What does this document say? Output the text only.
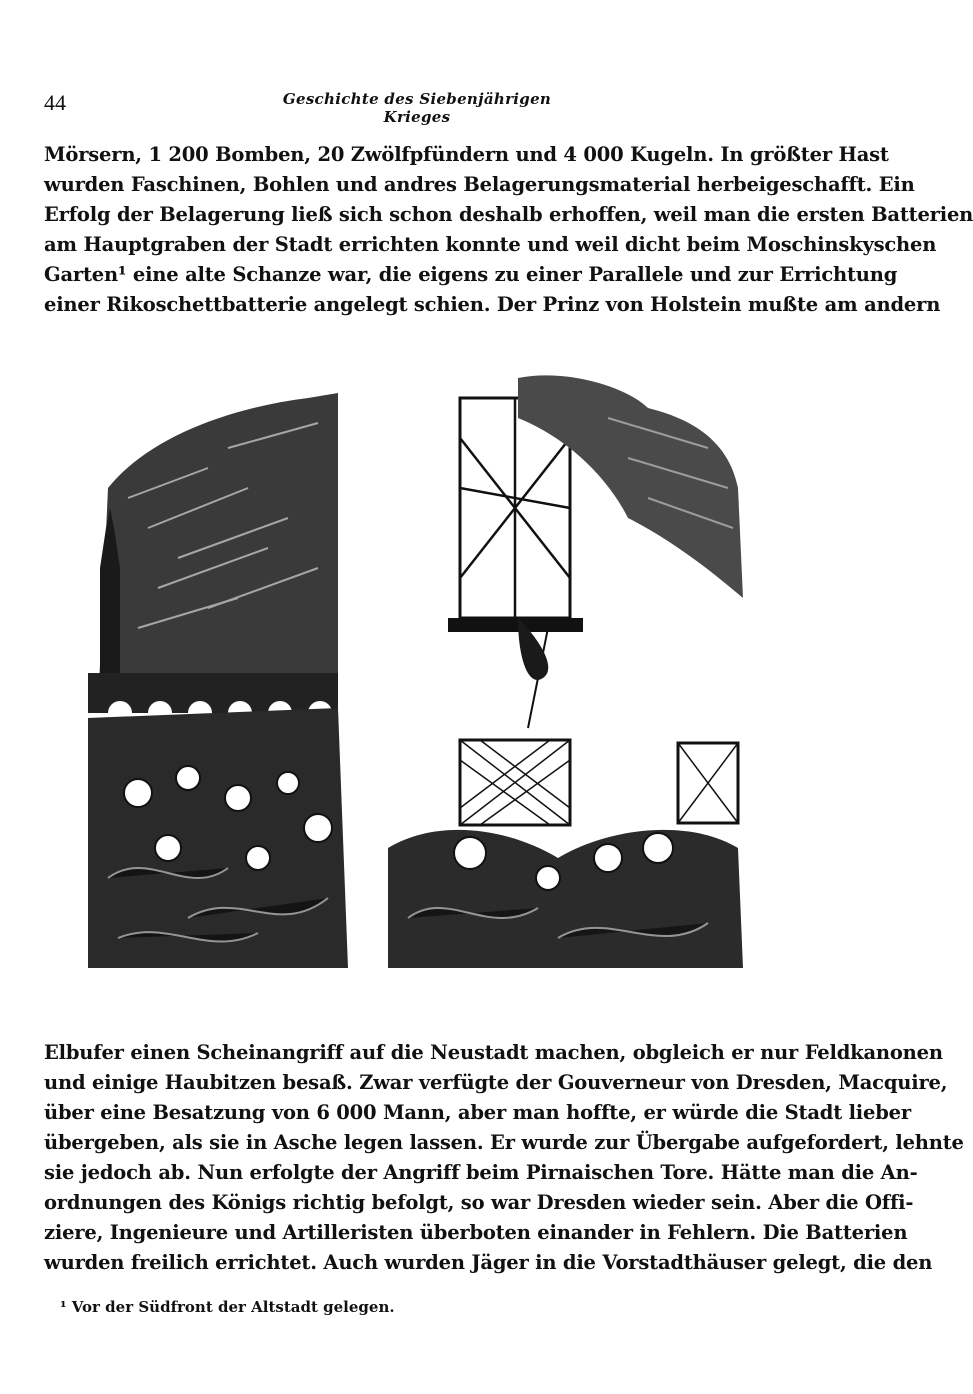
44	Geschichte des Siebenjährigen Krieges
Mörsern, 1 200 Bomben, 20 Zwölfpfündern und 4 000 Kugeln. In größter Hast
wurden Faschinen, Bohlen und andres Belagerungsmaterial herbeigeschafft. Ein
Erfolg der Belagerung ließ sich schon deshalb erhoffen, weil man die ersten Batterien
am Hauptgraben der Stadt errichten konnte und weil dicht beim Moschinskyschen
Garten¹ eine alte Schanze war, die eigens zu einer Parallele und zur Errichtung
einer Rikoschettbatterie angelegt schien. Der Prinz von Holstein mußte am andern
Elbufer einen Scheinangriff auf die Neustadt machen, obgleich er nur Feldkanonen
und einige Haubitzen besaß. Zwar verfügte der Gouverneur von Dresden, Macquire,
über eine Besatzung von 6 000 Mann, aber man hoffte, er würde die Stadt lieber
übergeben, als sie in Asche legen lassen. Er wurde zur Übergabe aufgefordert, lehnte
sie jedoch ab. Nun erfolgte der Angriff beim Pirnaischen Tore. Hätte man die An-
ordnungen des Königs richtig befolgt, so war Dresden wieder sein. Aber die Offi-
ziere, Ingenieure und Artilleristen überboten einander in Fehlern. Die Batterien
wurden freilich errichtet. Auch wurden Jäger in die Vorstadthäuser gelegt, die den
¹ Vor der Südfront der Altstadt gelegen.
